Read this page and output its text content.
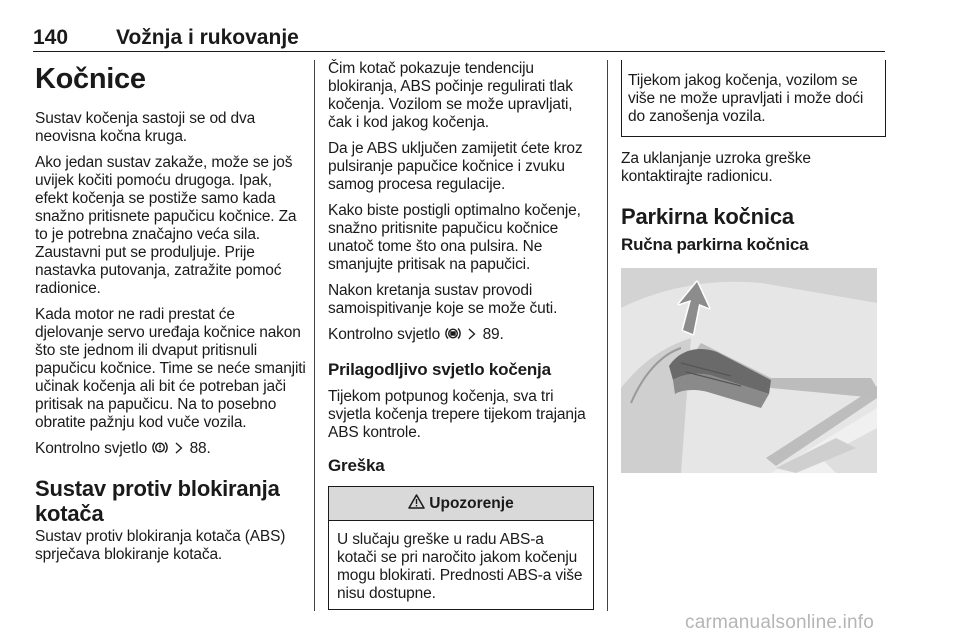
140 Vožnja i rukovanje
Kočnice

Sustav kočenja sastoji se od dva neovisna kočna kruga.

Ako jedan sustav zakaže, može se još uvijek kočiti pomoću drugoga. Ipak, efekt kočenja se postiže samo kada snažno pritisnete papučicu kočnice. Za to je potrebna značajno veća sila. Zaustavni put se produljuje. Prije nastavka putovanja, zatražite pomoć radionice.

Kada motor ne radi prestat će djelovanje servo uređaja kočnice nakon što ste jednom ili dvaput pritisnuli papučicu kočnice. Time se neće smanjiti učinak kočenja ali bit će potreban jači pritisak na papučicu. Na to posebno obratite pažnju kod vuče vozila.

Kontrolno svjetlo	88.

Sustav protiv blokiranja kotača

Sustav protiv blokiranja kotača (ABS) sprječava blokiranje kotača.

Čim kotač pokazuje tendenciju blokiranja, ABS počinje regulirati tlak kočenja. Vozilom se može upravljati, čak i kod jakog kočenja.

Da je ABS uključen zamijetit ćete kroz pulsiranje papučice kočnice i zvuku samog procesa regulacije.

Kako biste postigli optimalno kočenje, snažno pritisnite papučicu kočnice unatoč tome što ona pulsira. Ne smanjujte pritisak na papučici.

Nakon kretanja sustav provodi samoispitivanje koje se može čuti.

Kontrolno svjetlo	89.

Prilagodljivo svjetlo kočenja

Tijekom potpunog kočenja, sva tri svjetla kočenja trepere tijekom trajanja ABS kontrole.

Greška
Upozorenje

U slučaju greške u radu ABS-a kotači se pri naročito jakom kočenju mogu blokirati. Prednosti ABS-a više nisu dostupne.

Tijekom jakog kočenja, vozilom se više ne može upravljati i može doći do zanošenja vozila.

Za uklanjanje uzroka greške kontaktirajte radionicu.

Parkirna kočnica
Ručna parkirna kočnica
carmanualsonline.info
